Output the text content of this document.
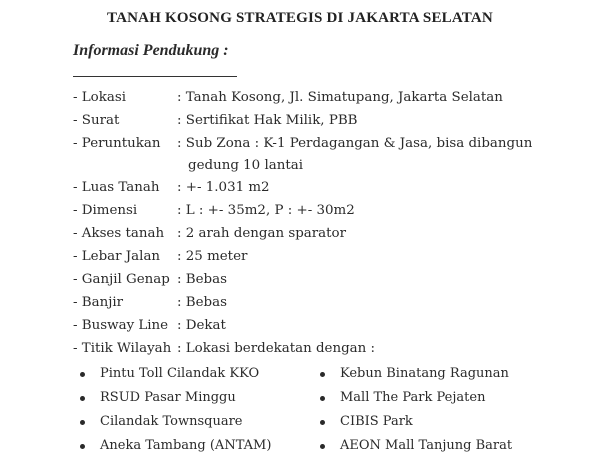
TANAH KOSONG STRATEGIS DI JAKARTA SELATAN
Informasi Pendukung :
- Lokasi	: Tanah Kosong, Jl. Simatupang, Jakarta Selatan
- Surat	: Sertifikat Hak Milik, PBB
- Peruntukan : Sub Zona : K-1 Perdagangan & Jasa, bisa dibangun
gedung 10 lantai
- Luas Tanah : +- 1.031 m2
- Dimensi	: L : +- 35m2, P : +- 30m2
- Akses tanah : 2 arah dengan sparator
- Lebar Jalan : 25 meter
- Ganjil Genap : Bebas
- Banjir	: Bebas
- Busway Line : Dekat
- Titik Wilayah : Lokasi berdekatan dengan :
Pintu Toll Cilandak KKO
RSUD Pasar Minggu
Cilandak Townsquare
Aneka Tambang (ANTAM)
Kebun Binatang Ragunan
Mall The Park Pejaten
CIBIS Park
AEON Mall Tanjung Barat
